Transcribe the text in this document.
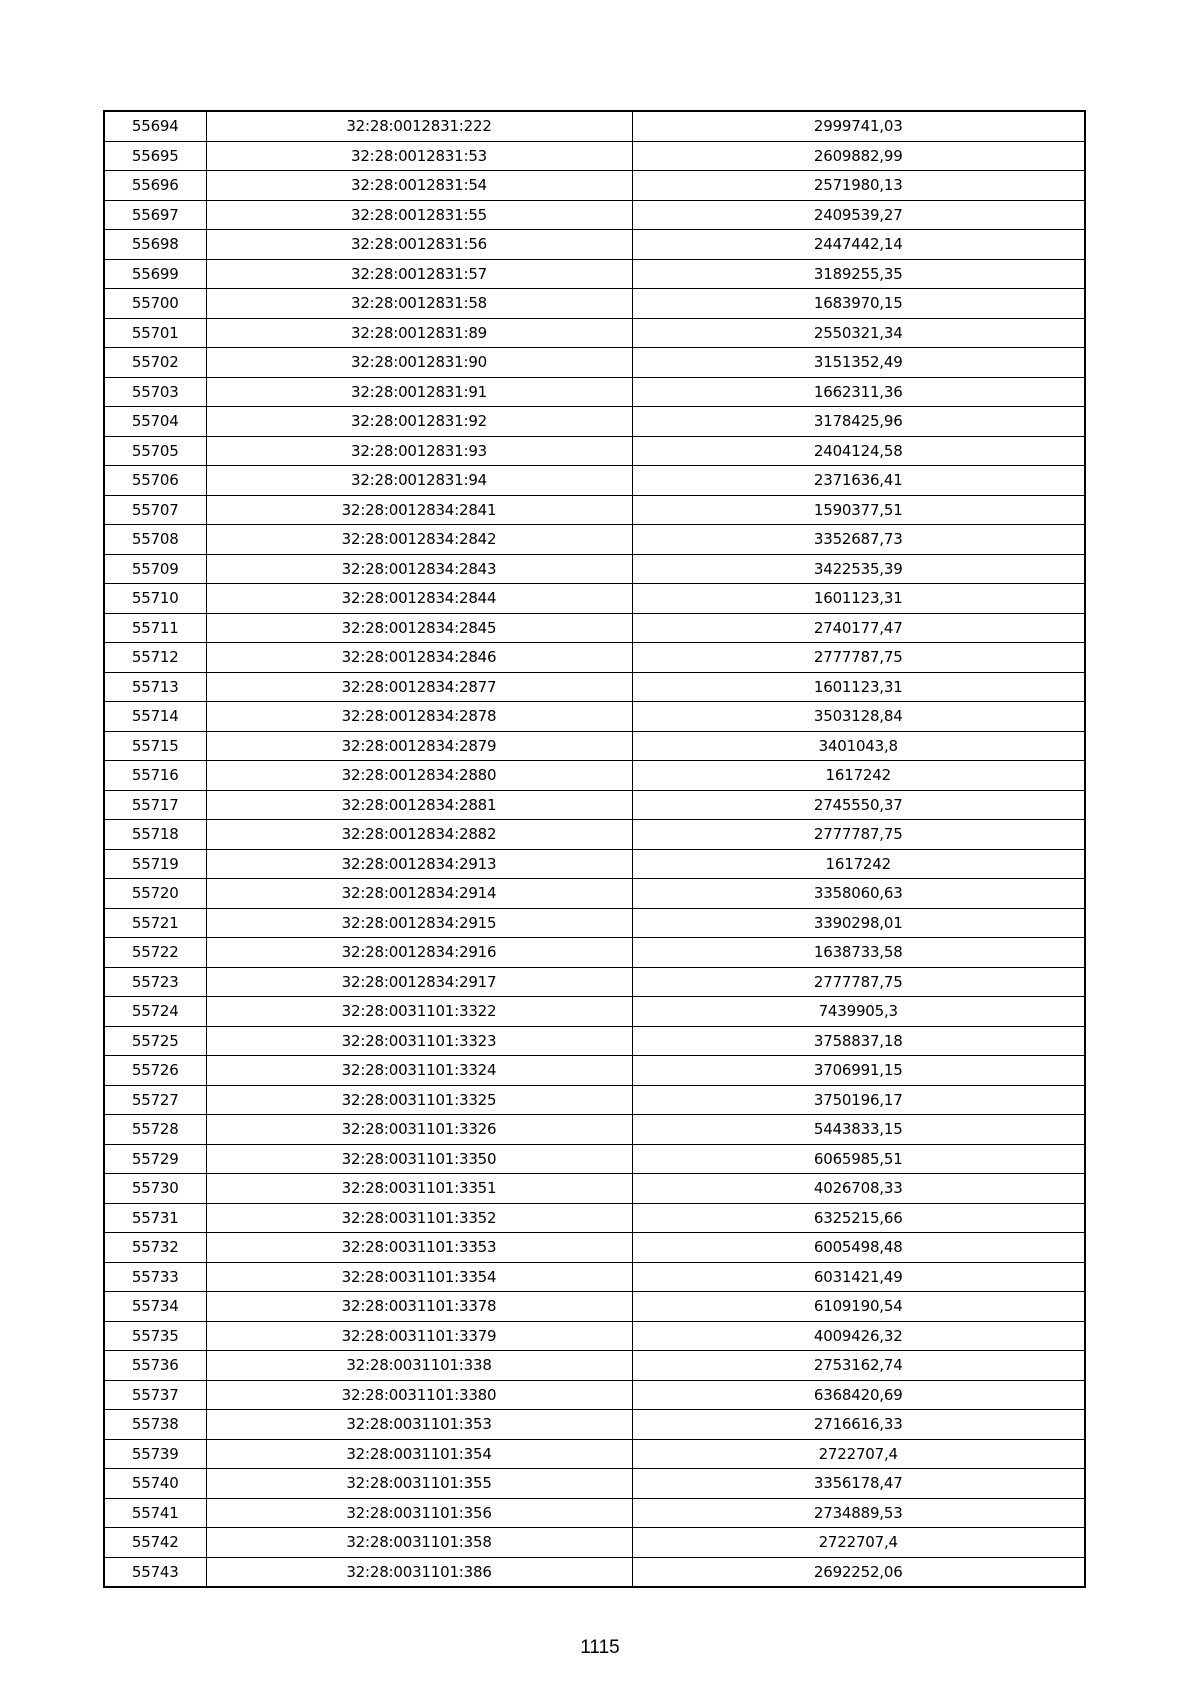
55694	32:28:0012831:222	2999741,03
55695	32:28:0012831:53	2609882,99
55696	32:28:0012831:54	2571980,13
55697	32:28:0012831:55	2409539,27
55698	32:28:0012831:56	2447442,14
55699	32:28:0012831:57	3189255,35
55700	32:28:0012831:58	1683970,15
55701	32:28:0012831:89	2550321,34
55702	32:28:0012831:90	3151352,49
55703	32:28:0012831:91	1662311,36
55704	32:28:0012831:92	3178425,96
55705	32:28:0012831:93	2404124,58
55706	32:28:0012831:94	2371636,41
55707	32:28:0012834:2841	1590377,51
55708	32:28:0012834:2842	3352687,73
55709	32:28:0012834:2843	3422535,39
55710	32:28:0012834:2844	1601123,31
55711	32:28:0012834:2845	2740177,47
55712	32:28:0012834:2846	2777787,75
55713	32:28:0012834:2877	1601123,31
55714	32:28:0012834:2878	3503128,84
55715	32:28:0012834:2879	3401043,8
55716	32:28:0012834:2880	1617242
55717	32:28:0012834:2881	2745550,37
55718	32:28:0012834:2882	2777787,75
55719	32:28:0012834:2913	1617242
55720	32:28:0012834:2914	3358060,63
55721	32:28:0012834:2915	3390298,01
55722	32:28:0012834:2916	1638733,58
55723	32:28:0012834:2917	2777787,75
55724	32:28:0031101:3322	7439905,3
55725	32:28:0031101:3323	3758837,18
55726	32:28:0031101:3324	3706991,15
55727	32:28:0031101:3325	3750196,17
55728	32:28:0031101:3326	5443833,15
55729	32:28:0031101:3350	6065985,51
55730	32:28:0031101:3351	4026708,33
55731	32:28:0031101:3352	6325215,66
55732	32:28:0031101:3353	6005498,48
55733	32:28:0031101:3354	6031421,49
55734	32:28:0031101:3378	6109190,54
55735	32:28:0031101:3379	4009426,32
55736	32:28:0031101:338	2753162,74
55737	32:28:0031101:3380	6368420,69
55738	32:28:0031101:353	2716616,33
55739	32:28:0031101:354	2722707,4
55740	32:28:0031101:355	3356178,47
55741	32:28:0031101:356	2734889,53
55742	32:28:0031101:358	2722707,4
55743	32:28:0031101:386	2692252,06
1115
